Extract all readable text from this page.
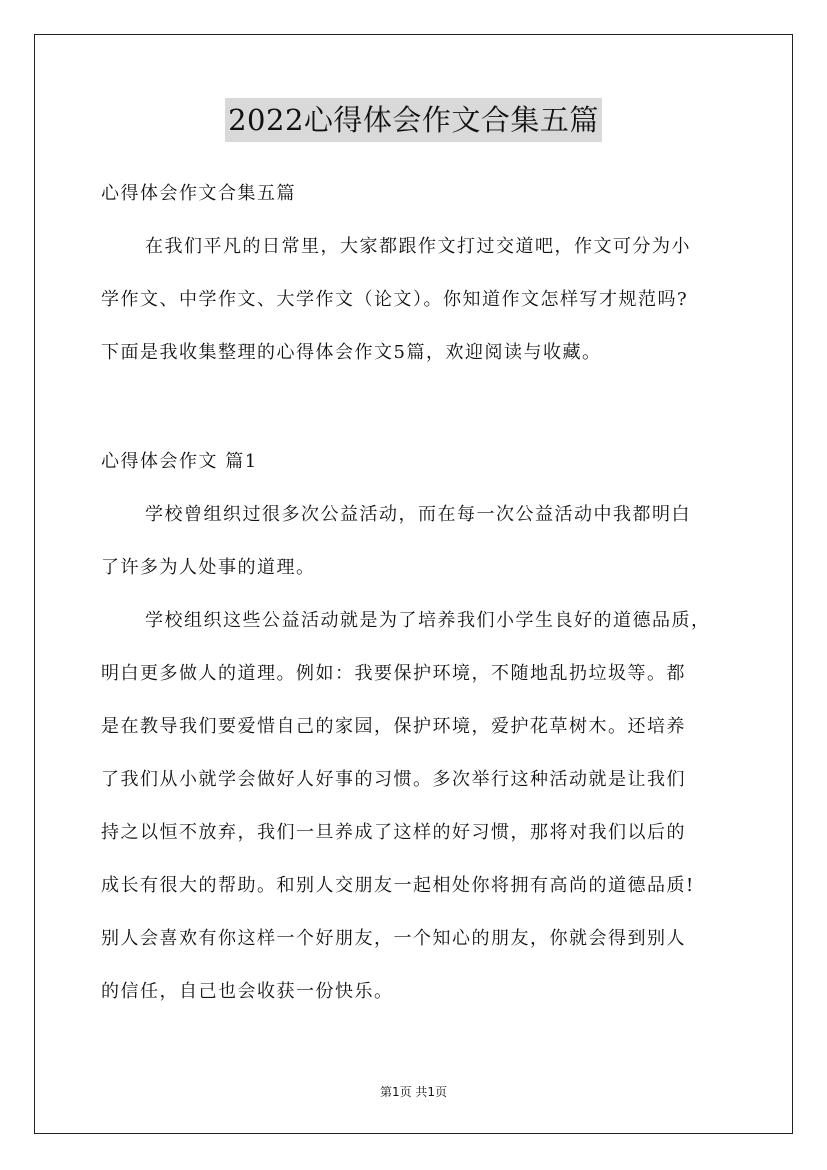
2022心得体会作文合集五篇
心得体会作文合集五篇
在我们平凡的日常里，大家都跟作文打过交道吧，作文可分为小
学作文、中学作文、大学作文（论文）。你知道作文怎样写才规范吗?
下面是我收集整理的心得体会作文5篇，欢迎阅读与收藏。
心得体会作文 篇1
学校曾组织过很多次公益活动，而在每一次公益活动中我都明白
了许多为人处事的道理。
学校组织这些公益活动就是为了培养我们小学生良好的道德品质，
明白更多做人的道理。例如：我要保护环境，不随地乱扔垃圾等。都
是在教导我们要爱惜自己的家园，保护环境，爱护花草树木。还培养
了我们从小就学会做好人好事的习惯。多次举行这种活动就是让我们
持之以恒不放弃，我们一旦养成了这样的好习惯，那将对我们以后的
成长有很大的帮助。和别人交朋友一起相处你将拥有高尚的道德品质!
别人会喜欢有你这样一个好朋友，一个知心的朋友，你就会得到别人
的信任，自己也会收获一份快乐。
第1页 共1页
